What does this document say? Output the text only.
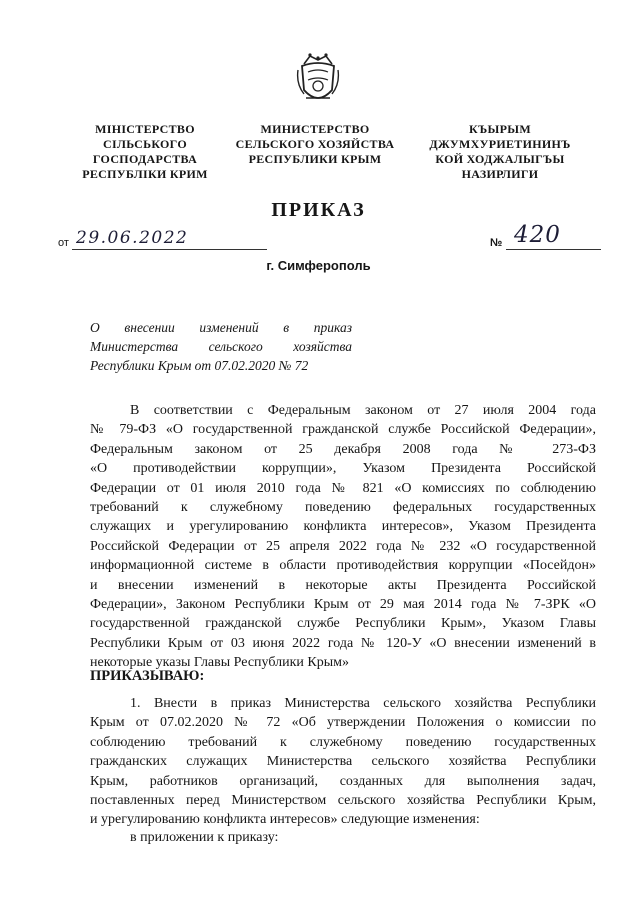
МІНІСТЕРСТВО
СІЛЬСЬКОГО
ГОСПОДАРСТВА
РЕСПУБЛІКИ КРИМ
МИНИСТЕРСТВО
СЕЛЬСКОГО ХОЗЯЙСТВА
РЕСПУБЛИКИ КРЫМ
КЪЫРЫМ
ДЖУМХУРИЕТИНИНЪ
КОЙ ХОДЖАЛЫГЪЫ
НАЗИРЛИГИ
ПРИКАЗ
от 29.06.2022	№ 420
г. Симферополь
О внесении изменений в приказ
Министерства сельского хозяйства
Республики Крым от 07.02.2020 № 72
В соответствии с Федеральным законом от 27 июля 2004 года
№ 79-ФЗ «О государственной гражданской службе Российской Федерации»,
Федеральным законом от 25 декабря 2008 года № 273-ФЗ
«О противодействии коррупции», Указом Президента Российской
Федерации от 01 июля 2010 года № 821 «О комиссиях по соблюдению
требований к служебному поведению федеральных государственных
служащих и урегулированию конфликта интересов», Указом Президента
Российской Федерации от 25 апреля 2022 года № 232 «О государственной
информационной системе в области противодействия коррупции «Посейдон»
и внесении изменений в некоторые акты Президента Российской
Федерации», Законом Республики Крым от 29 мая 2014 года № 7-ЗРК «О
государственной гражданской службе Республики Крым», Указом Главы
Республики Крым от 03 июня 2022 года № 120-У «О внесении изменений в
некоторые указы Главы Республики Крым»
ПРИКАЗЫВАЮ:
1. Внести в приказ Министерства сельского хозяйства Республики
Крым от 07.02.2020 № 72 «Об утверждении Положения о комиссии по
соблюдению требований к служебному поведению государственных
гражданских служащих Министерства сельского хозяйства Республики
Крым, работников организаций, созданных для выполнения задач,
поставленных перед Министерством сельского хозяйства Республики Крым,
и урегулированию конфликта интересов» следующие изменения:
в приложении к приказу:
